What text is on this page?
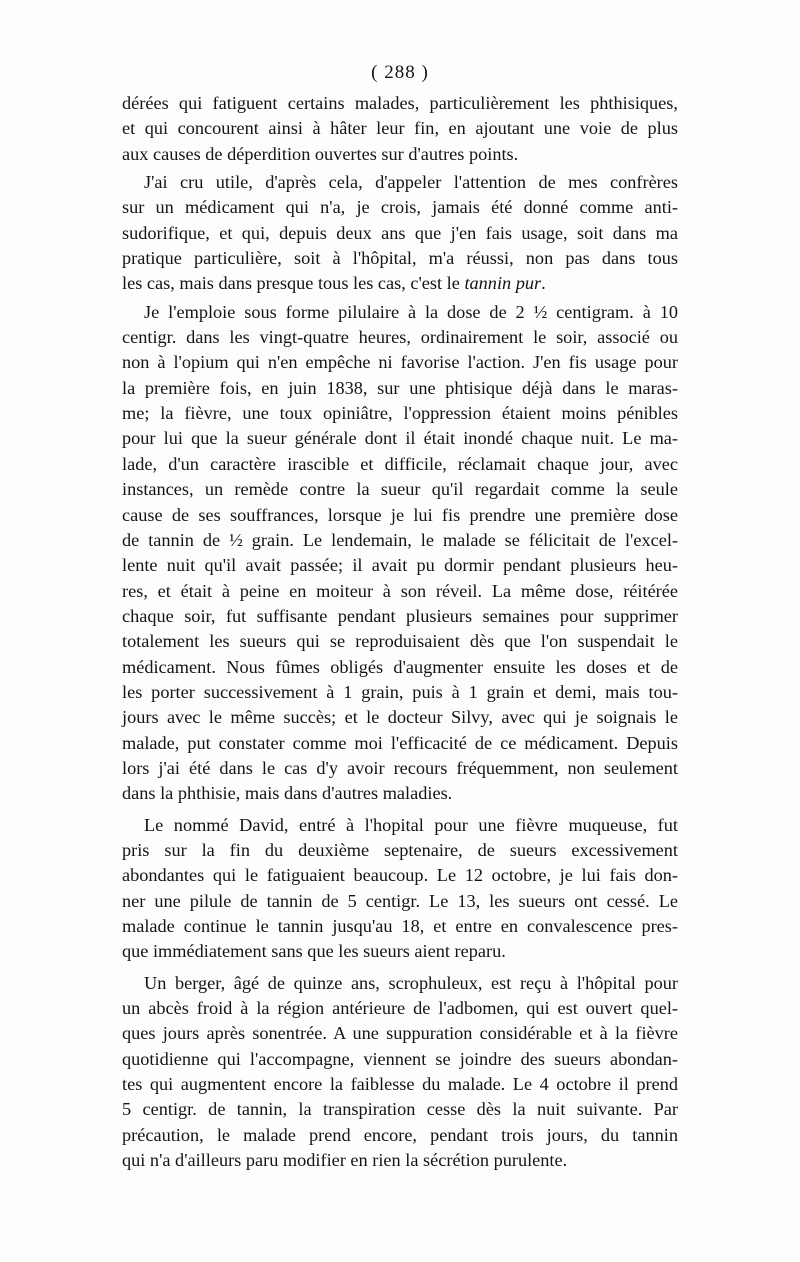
( 288 )
dérées qui fatiguent certains malades, particulièrement les phthisiques,
et qui concourent ainsi à hâter leur fin, en ajoutant une voie de plus
aux causes de déperdition ouvertes sur d'autres points.
J'ai cru utile, d'après cela, d'appeler l'attention de mes confrères
sur un médicament qui n'a, je crois, jamais été donné comme anti-
sudorifique, et qui, depuis deux ans que j'en fais usage, soit dans ma
pratique particulière, soit à l'hôpital, m'a réussi, non pas dans tous
les cas, mais dans presque tous les cas, c'est le tannin pur.
Je l'emploie sous forme pilulaire à la dose de 2 ½ centigram. à 10
centigr. dans les vingt-quatre heures, ordinairement le soir, associé ou
non à l'opium qui n'en empêche ni favorise l'action. J'en fis usage pour
la première fois, en juin 1838, sur une phtisique déjà dans le maras-
me; la fièvre, une toux opiniâtre, l'oppression étaient moins pénibles
pour lui que la sueur générale dont il était inondé chaque nuit. Le ma-
lade, d'un caractère irascible et difficile, réclamait chaque jour, avec
instances, un remède contre la sueur qu'il regardait comme la seule
cause de ses souffrances, lorsque je lui fis prendre une première dose
de tannin de ½ grain. Le lendemain, le malade se félicitait de l'excel-
lente nuit qu'il avait passée; il avait pu dormir pendant plusieurs heu-
res, et était à peine en moiteur à son réveil. La même dose, réitérée
chaque soir, fut suffisante pendant plusieurs semaines pour supprimer
totalement les sueurs qui se reproduisaient dès que l'on suspendait le
médicament. Nous fûmes obligés d'augmenter ensuite les doses et de
les porter successivement à 1 grain, puis à 1 grain et demi, mais tou-
jours avec le même succès; et le docteur Silvy, avec qui je soignais le
malade, put constater comme moi l'efficacité de ce médicament. Depuis
lors j'ai été dans le cas d'y avoir recours fréquemment, non seulement
dans la phthisie, mais dans d'autres maladies.
Le nommé David, entré à l'hopital pour une fièvre muqueuse, fut
pris sur la fin du deuxième septenaire, de sueurs excessivement
abondantes qui le fatiguaient beaucoup. Le 12 octobre, je lui fais don-
ner une pilule de tannin de 5 centigr. Le 13, les sueurs ont cessé. Le
malade continue le tannin jusqu'au 18, et entre en convalescence pres-
que immédiatement sans que les sueurs aient reparu.
Un berger, âgé de quinze ans, scrophuleux, est reçu à l'hôpital pour
un abcès froid à la région antérieure de l'adbomen, qui est ouvert quel-
ques jours après sonentrée. A une suppuration considérable et à la fièvre
quotidienne qui l'accompagne, viennent se joindre des sueurs abondan-
tes qui augmentent encore la faiblesse du malade. Le 4 octobre il prend
5 centigr. de tannin, la transpiration cesse dès la nuit suivante. Par
précaution, le malade prend encore, pendant trois jours, du tannin
qui n'a d'ailleurs paru modifier en rien la sécrétion purulente.
